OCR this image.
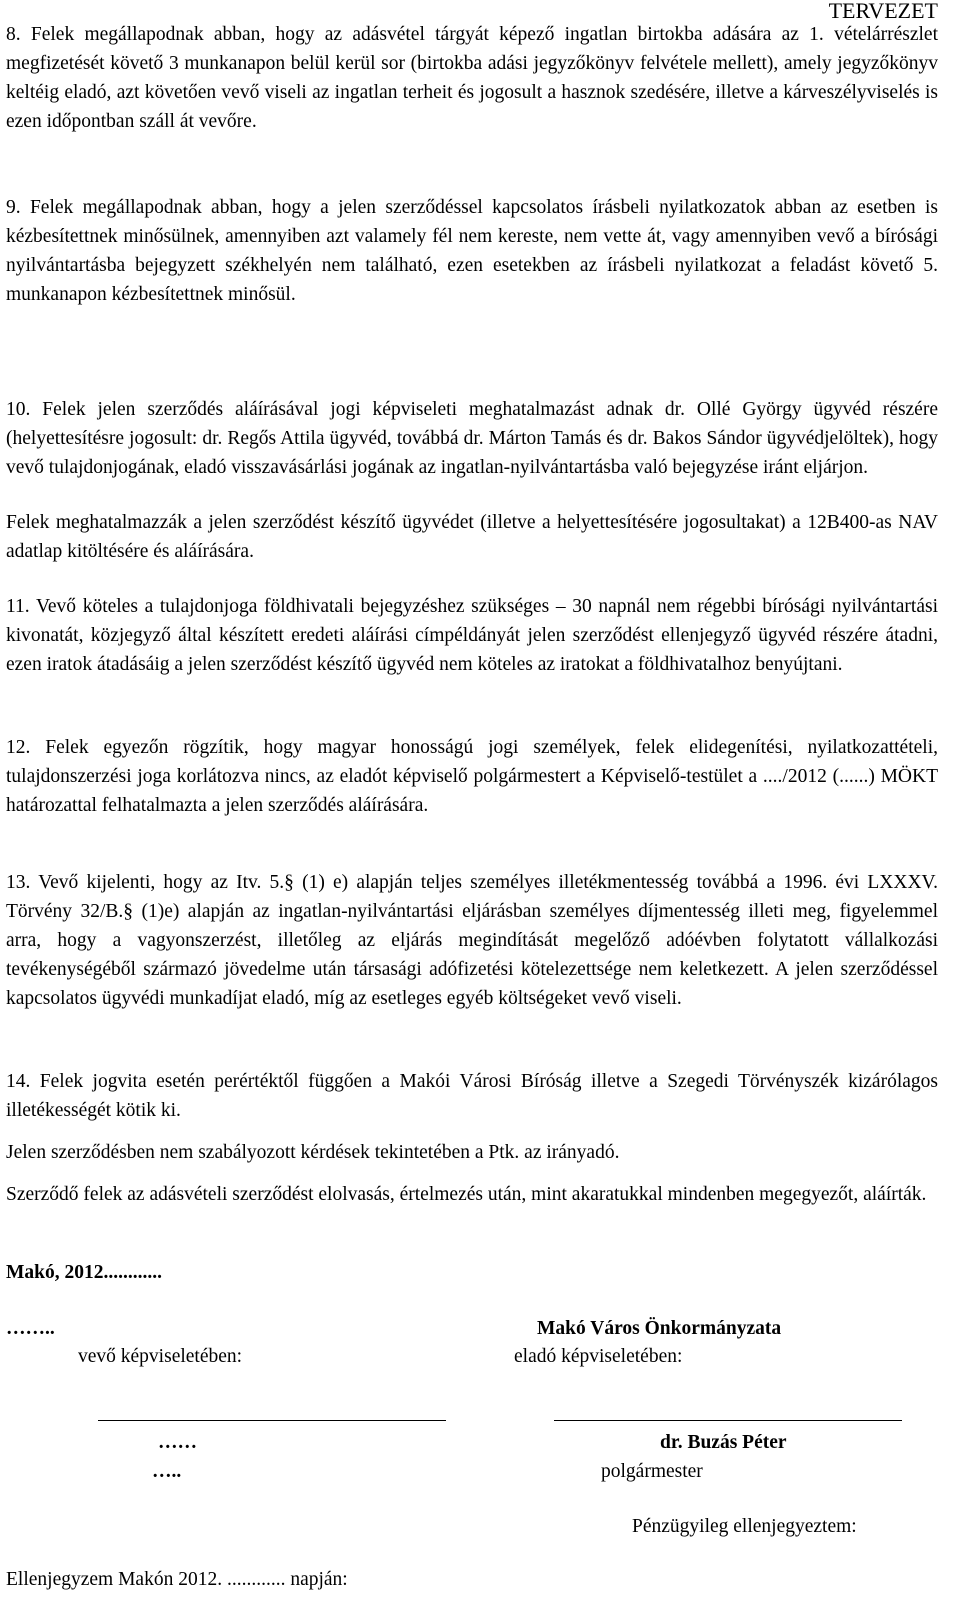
TERVEZET

8. Felek megállapodnak abban, hogy az adásvétel tárgyát képező ingatlan birtokba adására az 1. vételárrészlet megfizetését követő 3 munkanapon belül kerül sor (birtokba adási jegyzőkönyv felvétele mellett), amely jegyzőkönyv keltéig eladó, azt követően vevő viseli az ingatlan terheit és jogosult a hasznok szedésére, illetve a kárveszélyviselés is ezen időpontban száll át vevőre.

9. Felek megállapodnak abban, hogy a jelen szerződéssel kapcsolatos írásbeli nyilatkozatok abban az esetben is kézbesítettnek minősülnek, amennyiben azt valamely fél nem kereste, nem vette át, vagy amennyiben vevő a bírósági nyilvántartásba bejegyzett székhelyén nem található, ezen esetekben az írásbeli nyilatkozat a feladást követő 5. munkanapon kézbesítettnek minősül.

10. Felek jelen szerződés aláírásával jogi képviseleti meghatalmazást adnak dr. Ollé György ügyvéd részére (helyettesítésre jogosult: dr. Regős Attila ügyvéd, továbbá dr. Márton Tamás és dr. Bakos Sándor ügyvédjelöltek), hogy vevő tulajdonjogának, eladó visszavásárlási jogának az ingatlan-nyilvántartásba való bejegyzése iránt eljárjon.

Felek meghatalmazzák a jelen szerződést készítő ügyvédet (illetve a helyettesítésére jogosultakat) a 12B400-as NAV adatlap kitöltésére és aláírására.

11. Vevő köteles a tulajdonjoga földhivatali bejegyzéshez szükséges – 30 napnál nem régebbi bírósági nyilvántartási kivonatát, közjegyző által készített eredeti aláírási címpéldányát jelen szerződést ellenjegyző ügyvéd részére átadni, ezen iratok átadásáig a jelen szerződést készítő ügyvéd nem köteles az iratokat a földhivatalhoz benyújtani.

12. Felek egyezőn rögzítik, hogy magyar honosságú jogi személyek, felek elidegenítési, nyilatkozattételi, tulajdonszerzési joga korlátozva nincs, az eladót képviselő polgármestert a Képviselő-testület a ..../2012 (......) MÖKT határozattal felhatalmazta a jelen szerződés aláírására.

13. Vevő kijelenti, hogy az Itv. 5.§ (1) e) alapján teljes személyes illetékmentesség továbbá a 1996. évi LXXXV. Törvény 32/B.§ (1)e) alapján az ingatlan-nyilvántartási eljárásban személyes díjmentesség illeti meg, figyelemmel arra, hogy a vagyonszerzést, illetőleg az eljárás megindítását megelőző adóévben folytatott vállalkozási tevékenységéből származó jövedelme után társasági adófizetési kötelezettsége nem keletkezett. A jelen szerződéssel kapcsolatos ügyvédi munkadíjat eladó, míg az esetleges egyéb költségeket vevő viseli.

14. Felek jogvita esetén perértéktől függően a Makói Városi Bíróság illetve a Szegedi Törvényszék kizárólagos illetékességét kötik ki.

Jelen szerződésben nem szabályozott kérdések tekintetében a Ptk. az irányadó.

Szerződő felek az adásvételi szerződést elolvasás, értelmezés után, mint akaratukkal mindenben megegyezőt, aláírták.

Makó, 2012............
……..	Makó Város Önkormányzata
vevő képviseletében:	eladó képviseletében:
……	dr. Buzás Péter
…..	polgármester
Pénzügyileg ellenjegyeztem:
Ellenjegyzem Makón 2012. ............ napján:
